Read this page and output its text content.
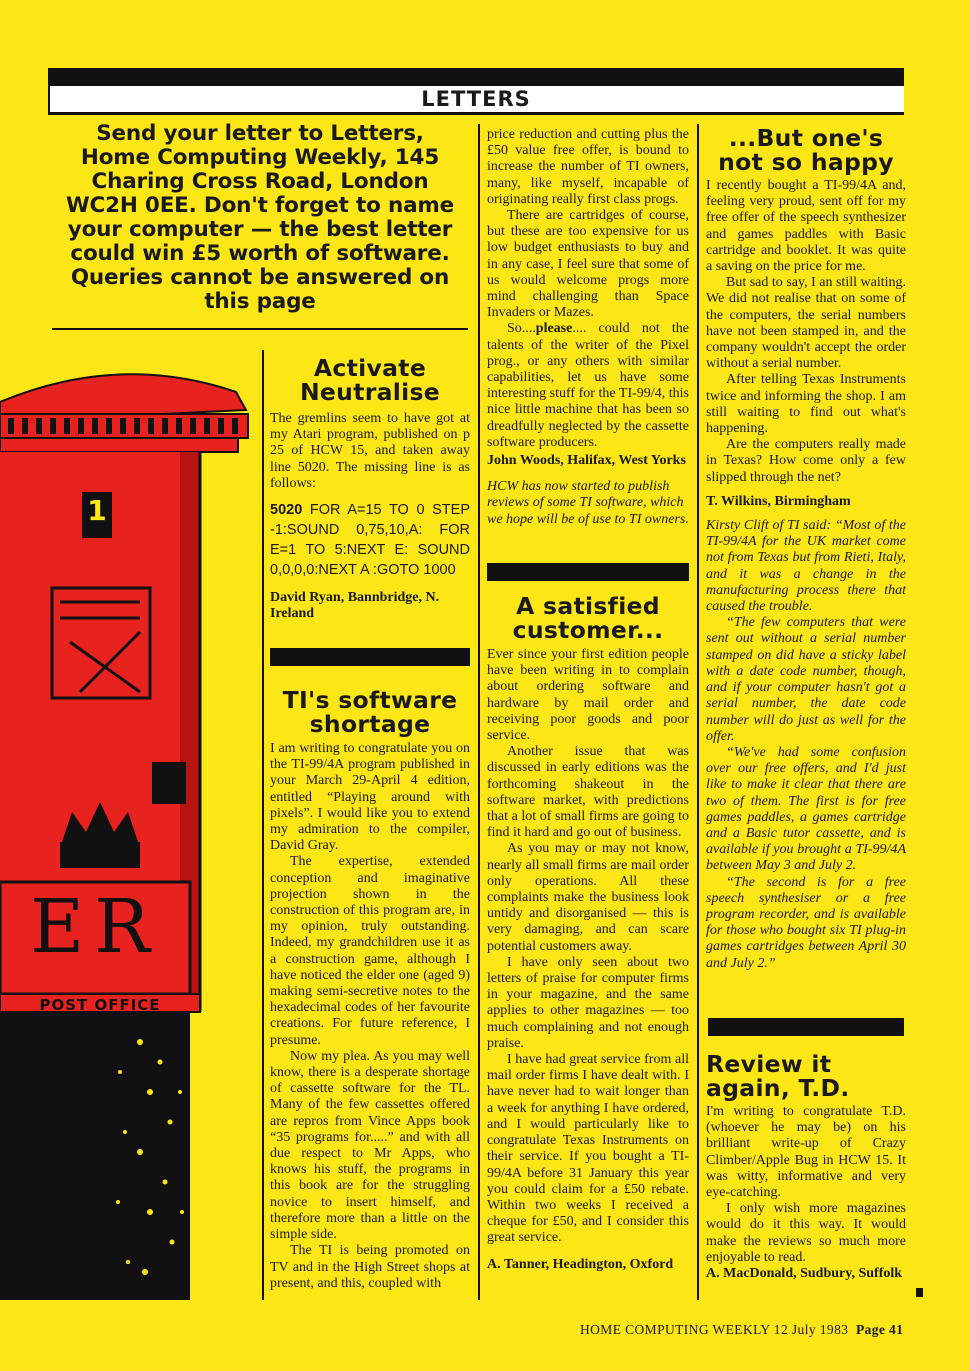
LETTERS
Send your letter to Letters, Home Computing Weekly, 145 Charing Cross Road, London WC2H 0EE. Don't forget to name your computer — the best letter could win £5 worth of software. Queries cannot be answered on this page
1
ER
POST OFFICE
Activate Neutralise

The gremlins seem to have got at my Atari program, published on p 25 of HCW 15, and taken away line 5020. The missing line is as follows:

5020 FOR A=15 TO 0 STEP -1:SOUND 0,75,10,A: FOR E=1 TO 5:NEXT E: SOUND 0,0,0,0:NEXT A :GOTO 1000

David Ryan, Bannbridge, N. Ireland

TI's software shortage

I am writing to congratulate you on the TI-99/4A program published in your March 29-April 4 edition, entitled “Playing around with pixels”. I would like you to extend my admiration to the compiler, David Gray.

The expertise, extended conception and imaginative projection shown in the construction of this program are, in my opinion, truly outstanding. Indeed, my grandchildren use it as a construction game, although I have noticed the elder one (aged 9) making semi-secretive notes to the hexadecimal codes of her favourite creations. For future reference, I presume.

Now my plea. As you may well know, there is a desperate shortage of cassette software for the TL. Many of the few cassettes offered are repros from Vince Apps book “35 programs for.....” and with all due respect to Mr Apps, who knows his stuff, the programs in this book are for the struggling novice to insert himself, and therefore more than a little on the simple side.

The TI is being promoted on TV and in the High Street shops at present, and this, coupled with

price reduction and cutting plus the £50 value free offer, is bound to increase the number of TI owners, many, like myself, incapable of originating really first class progs.

There are cartridges of course, but these are too expensive for us low budget enthusiasts to buy and in any case, I feel sure that some of us would welcome progs more mind challenging than Space Invaders or Mazes.

So....please.... could not the talents of the writer of the Pixel prog., or any others with similar capabilities, let us have some interesting stuff for the TI-99/4, this nice little machine that has been so dreadfully neglected by the cassette software producers.

John Woods, Halifax, West Yorks

HCW has now started to publish reviews of some TI software, which we hope will be of use to TI owners.

A satisfied customer...

Ever since your first edition people have been writing in to complain about ordering software and hardware by mail order and receiving poor goods and poor service.

Another issue that was discussed in early editions was the forthcoming shakeout in the software market, with predictions that a lot of small firms are going to find it hard and go out of business.

As you may or may not know, nearly all small firms are mail order only operations. All these complaints make the business look untidy and disorganised — this is very damaging, and can scare potential customers away.

I have only seen about two letters of praise for computer firms in your magazine, and the same applies to other magazines — too much complaining and not enough praise.

I have had great service from all mail order firms I have dealt with. I have never had to wait longer than a week for anything I have ordered, and I would particularly like to congratulate Texas Instruments on their service. If you bought a TI-99/4A before 31 January this year you could claim for a £50 rebate. Within two weeks I received a cheque for £50, and I consider this great service.

A. Tanner, Headington, Oxford

...But one's not so happy

I recently bought a TI-99/4A and, feeling very proud, sent off for my free offer of the speech synthesizer and games paddles with Basic cartridge and booklet. It was quite a saving on the price for me.

But sad to say, I an still waiting. We did not realise that on some of the computers, the serial numbers have not been stamped in, and the company wouldn't accept the order without a serial number.

After telling Texas Instruments twice and informing the shop. I am still waiting to find out what's happening.

Are the computers really made in Texas? How come only a few slipped through the net?

T. Wilkins, Birmingham

Kirsty Clift of TI said: “Most of the TI-99/4A for the UK market come not from Texas but from Rieti, Italy, and it was a change in the manufacturing process there that caused the trouble.

“The few computers that were sent out without a serial number stamped on did have a sticky label with a date code number, though, and if your computer hasn't got a serial number, the date code number will do just as well for the offer.

“We've had some confusion over our free offers, and I'd just like to make it clear that there are two of them. The first is for free games paddles, a games cartridge and a Basic tutor cassette, and is available if you brought a TI-99/4A between May 3 and July 2.

“The second is for a free speech synthesiser or a free program recorder, and is available for those who bought six TI plug-in games cartridges between April 30 and July 2.”

Review it again, T.D.

I'm writing to congratulate T.D. (whoever he may be) on his brilliant write-up of Crazy Climber/Apple Bug in HCW 15. It was witty, informative and very eye-catching.

I only wish more magazines would do it this way. It would make the reviews so much more enjoyable to read.

A. MacDonald, Sudbury, Suffolk

HOME COMPUTING WEEKLY 12 July 1983 Page 41
